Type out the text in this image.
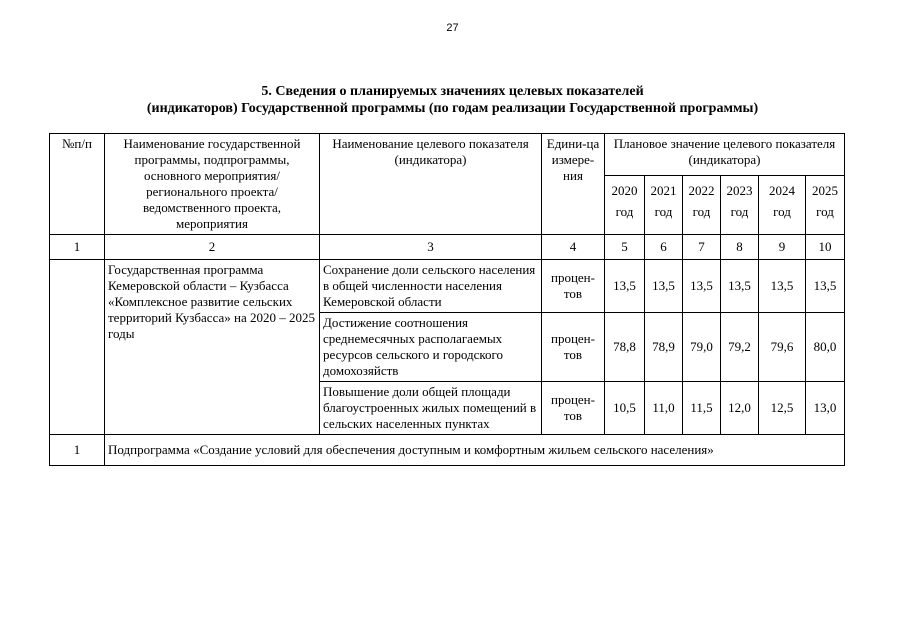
27
5. Сведения о планируемых значениях целевых показателей
(индикаторов) Государственной программы (по годам реализации Государственной программы)
№п/п	Наименование государственной программы, подпрограммы, основного мероприятия/регионального проекта/ведомственного проекта, мероприятия	Наименование целевого показателя (индикатора)	Едини-ца измере-ния	Плановое значение целевого показателя (индикатора)					
				2020 год	2021 год	2022 год	2023 год	2024 год	2025 год
1	2	3	4	5	6	7	8	9	10
	Государственная программа Кемеровской области – Кузбасса «Комплексное развитие сельских территорий Кузбасса» на 2020 – 2025 годы	Сохранение доли сельского населения в общей численности населения Кемеровской области	процен-тов	13,5	13,5	13,5	13,5	13,5	13,5
		Достижение соотношения среднемесячных располагаемых ресурсов сельского и городского домохозяйств	процен-тов	78,8	78,9	79,0	79,2	79,6	80,0
		Повышение доли общей площади благоустроенных жилых помещений в сельских населенных пунктах	процен-тов	10,5	11,0	11,5	12,0	12,5	13,0
1	Подпрограмма «Создание условий для обеспечения доступным и комфортным жильем сельского населения»								
